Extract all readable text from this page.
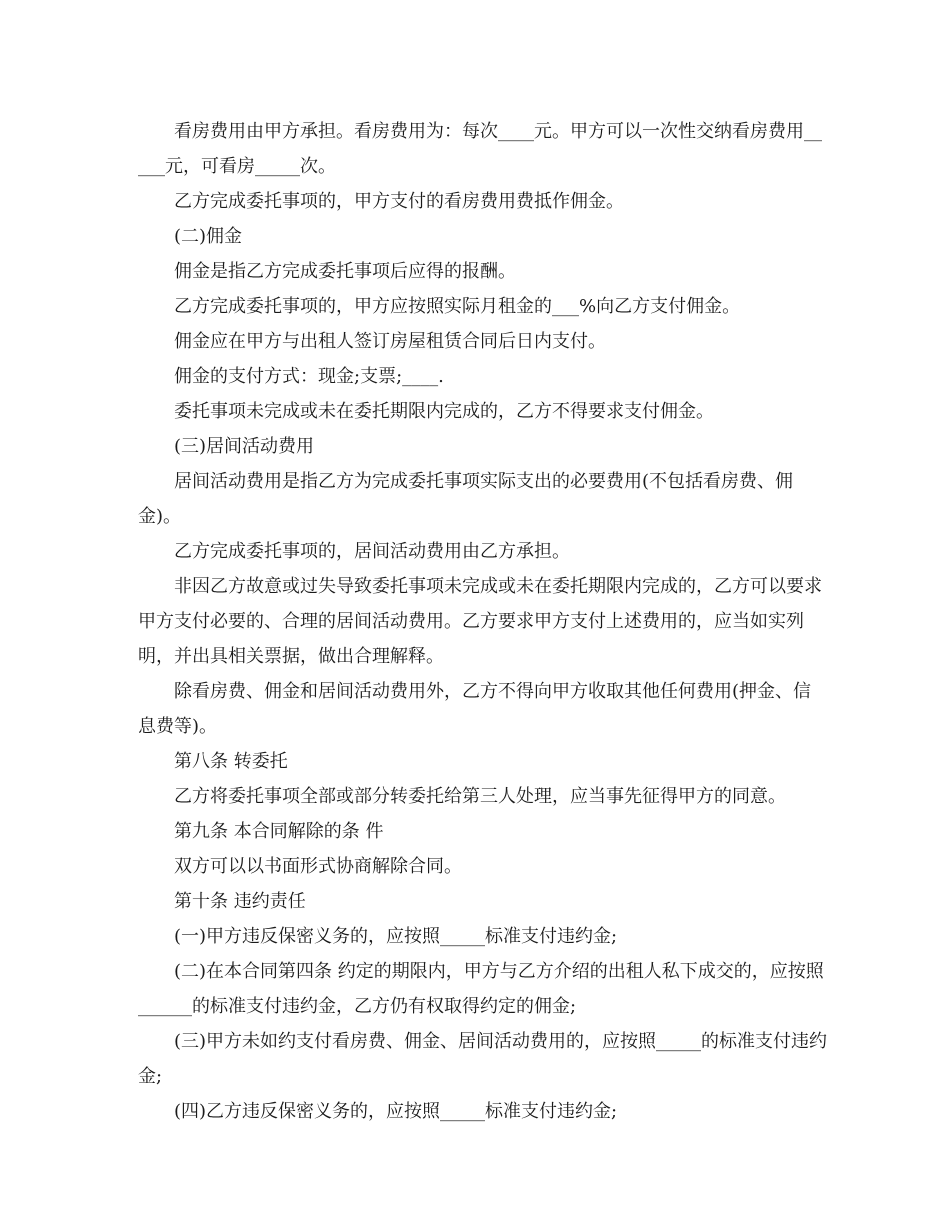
看房费用由甲方承担。看房费用为：每次____元。甲方可以一次性交纳看房费用_____元，可看房_____次。

乙方完成委托事项的，甲方支付的看房费用费抵作佣金。

(二)佣金

佣金是指乙方完成委托事项后应得的报酬。

乙方完成委托事项的，甲方应按照实际月租金的___%向乙方支付佣金。

佣金应在甲方与出租人签订房屋租赁合同后日内支付。

佣金的支付方式：现金;支票;____.

委托事项未完成或未在委托期限内完成的，乙方不得要求支付佣金。

(三)居间活动费用

居间活动费用是指乙方为完成委托事项实际支出的必要费用(不包括看房费、佣金)。

乙方完成委托事项的，居间活动费用由乙方承担。

非因乙方故意或过失导致委托事项未完成或未在委托期限内完成的，乙方可以要求甲方支付必要的、合理的居间活动费用。乙方要求甲方支付上述费用的，应当如实列明，并出具相关票据，做出合理解释。

除看房费、佣金和居间活动费用外，乙方不得向甲方收取其他任何费用(押金、信息费等)。

第八条 转委托

乙方将委托事项全部或部分转委托给第三人处理，应当事先征得甲方的同意。

第九条 本合同解除的条 件

双方可以以书面形式协商解除合同。

第十条 违约责任

(一)甲方违反保密义务的，应按照_____标准支付违约金;

(二)在本合同第四条 约定的期限内，甲方与乙方介绍的出租人私下成交的，应按照______的标准支付违约金，乙方仍有权取得约定的佣金;

(三)甲方未如约支付看房费、佣金、居间活动费用的，应按照_____的标准支付违约金;

(四)乙方违反保密义务的，应按照_____标准支付违约金;
